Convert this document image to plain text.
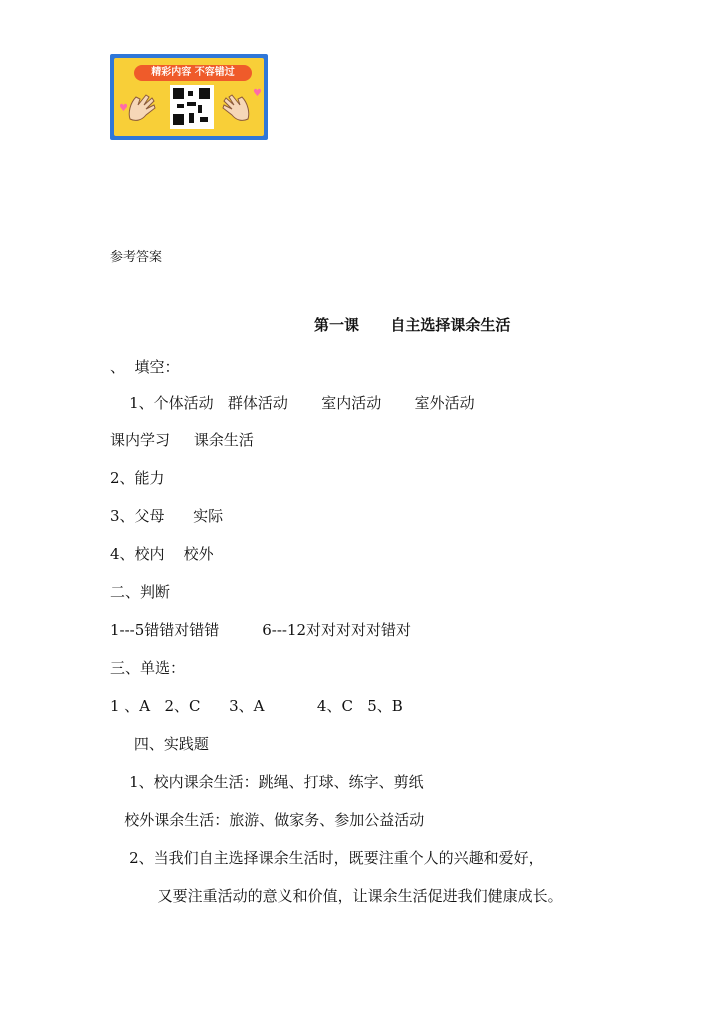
精彩内容 不容错过
♥
♥
参考答案
第一课      自主选择课余生活
、  填空：
1、个体活动   群体活动       室内活动       室外活动
课内学习     课余生活
2、能力
3、父母      实际
4、校内    校外
二、判断
1---5错错对错错         6---12对对对对对错对
三、单选：
1 、A   2、C      3、A           4、C   5、B
四、实践题
1、校内课余生活：跳绳、打球、练字、剪纸
校外课余生活：旅游、做家务、参加公益活动
2、当我们自主选择课余生活时，既要注重个人的兴趣和爱好，
又要注重活动的意义和价值，让课余生活促进我们健康成长。
